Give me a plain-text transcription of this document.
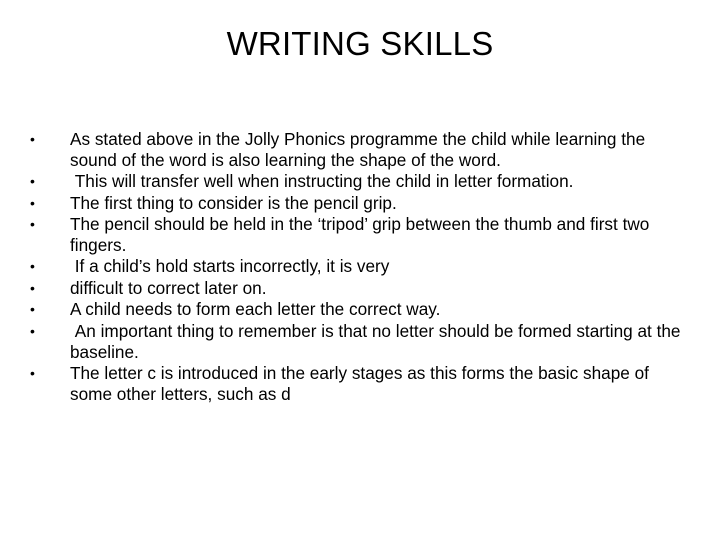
WRITING SKILLS
•	As stated above in the Jolly Phonics programme the child while learning the sound of the word is also learning the shape of the word.
•	This will transfer well when instructing the child in letter formation.
•	The first thing to consider is the pencil grip.
•	The pencil should be held in the ‘tripod’ grip between the thumb and first two fingers.
•	If a child’s hold starts incorrectly, it is very
•	difficult to correct later on.
•	A child needs to form each letter the correct way.
•	An important thing to remember is that no letter should be formed starting at the baseline.
•	The letter c is introduced in the early stages as this forms the basic shape of some other letters, such as d
